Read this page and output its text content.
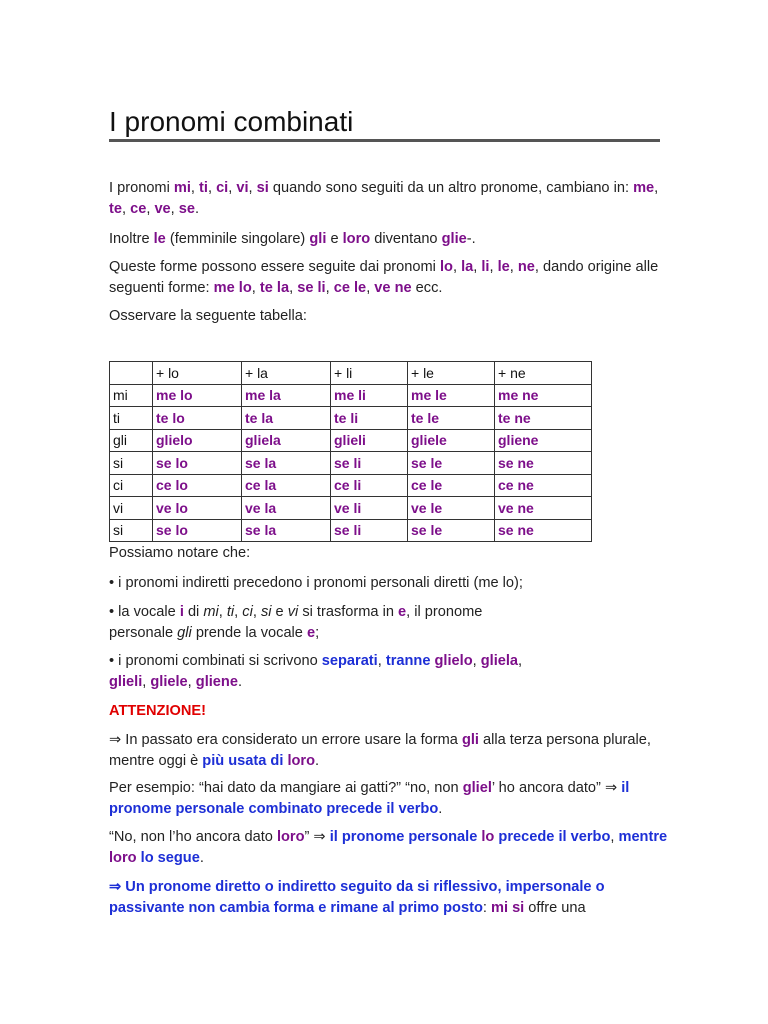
I pronomi combinati

I pronomi mi, ti, ci, vi, si quando sono seguiti da un altro pronome, cambiano in: me, te, ce, ve, se.

Inoltre le (femminile singolare) gli e loro diventano glie-.

Queste forme possono essere seguite dai pronomi lo, la, li, le, ne, dando origine alle seguenti forme: me lo, te la, se li, ce le, ve ne ecc.

Osservare la seguente tabella:

	+ lo	+ la	+ li	+ le	+ ne
mi	me lo	me la	me li	me le	me ne
ti	te lo	te la	te li	te le	te ne
gli	glielo	gliela	glieli	gliele	gliene
si	se lo	se la	se li	se le	se ne
ci	ce lo	ce la	ce li	ce le	ce ne
vi	ve lo	ve la	ve li	ve le	ve ne
si	se lo	se la	se li	se le	se ne

Possiamo notare che:

• i pronomi indiretti precedono i pronomi personali diretti (me lo);

• la vocale i di mi, ti, ci, si e vi si trasforma in e, il pronome personale gli prende la vocale e;

• i pronomi combinati si scrivono separati, tranne glielo, gliela, glieli, gliele, gliene.

ATTENZIONE!

⇒ In passato era considerato un errore usare la forma gli alla terza persona plurale, mentre oggi è più usata di loro.

Per esempio: “hai dato da mangiare ai gatti?” “no, non gliel’ ho ancora dato” ⇒ il pronome personale combinato precede il verbo.

“No, non l’ho ancora dato loro” ⇒ il pronome personale lo precede il verbo, mentre loro lo segue.

⇒ Un pronome diretto o indiretto seguito da si riflessivo, impersonale o passivante non cambia forma e rimane al primo posto: mi si offre una
